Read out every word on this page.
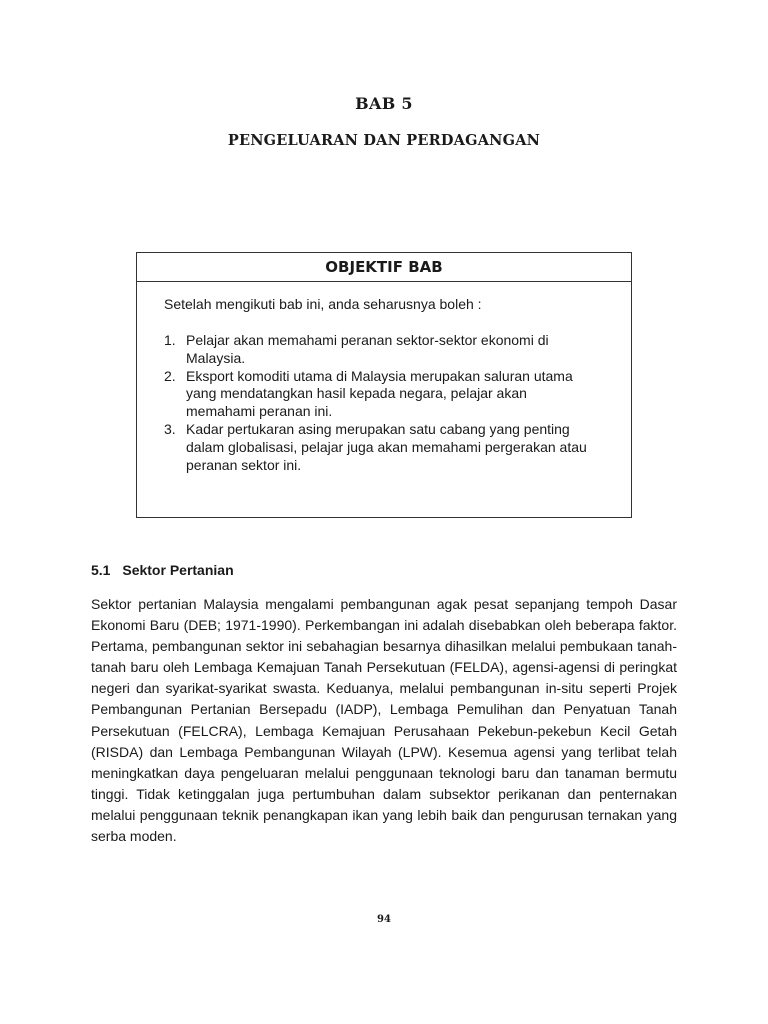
BAB 5
PENGELUARAN DAN PERDAGANGAN
OBJEKTIF BAB
Setelah mengikuti bab ini, anda seharusnya boleh :
1. Pelajar akan memahami peranan sektor-sektor ekonomi di Malaysia.
2. Eksport komoditi utama di Malaysia merupakan saluran utama yang mendatangkan hasil kepada negara, pelajar akan memahami peranan ini.
3. Kadar pertukaran asing merupakan satu cabang yang penting dalam globalisasi, pelajar juga akan memahami pergerakan atau peranan sektor ini.
5.1 Sektor Pertanian

Sektor pertanian Malaysia mengalami pembangunan agak pesat sepanjang tempoh Dasar Ekonomi Baru (DEB; 1971-1990). Perkembangan ini adalah disebabkan oleh beberapa faktor. Pertama, pembangunan sektor ini sebahagian besarnya dihasilkan melalui pembukaan tanah-tanah baru oleh Lembaga Kemajuan Tanah Persekutuan (FELDA), agensi-agensi di peringkat negeri dan syarikat-syarikat swasta. Keduanya, melalui pembangunan in-situ seperti Projek Pembangunan Pertanian Bersepadu (IADP), Lembaga Pemulihan dan Penyatuan Tanah Persekutuan (FELCRA), Lembaga Kemajuan Perusahaan Pekebun-pekebun Kecil Getah (RISDA) dan Lembaga Pembangunan Wilayah (LPW). Kesemua agensi yang terlibat telah meningkatkan daya pengeluaran melalui penggunaan teknologi baru dan tanaman bermutu tinggi. Tidak ketinggalan juga pertumbuhan dalam subsektor perikanan dan penternakan melalui penggunaan teknik penangkapan ikan yang lebih baik dan pengurusan ternakan yang serba moden.

94
